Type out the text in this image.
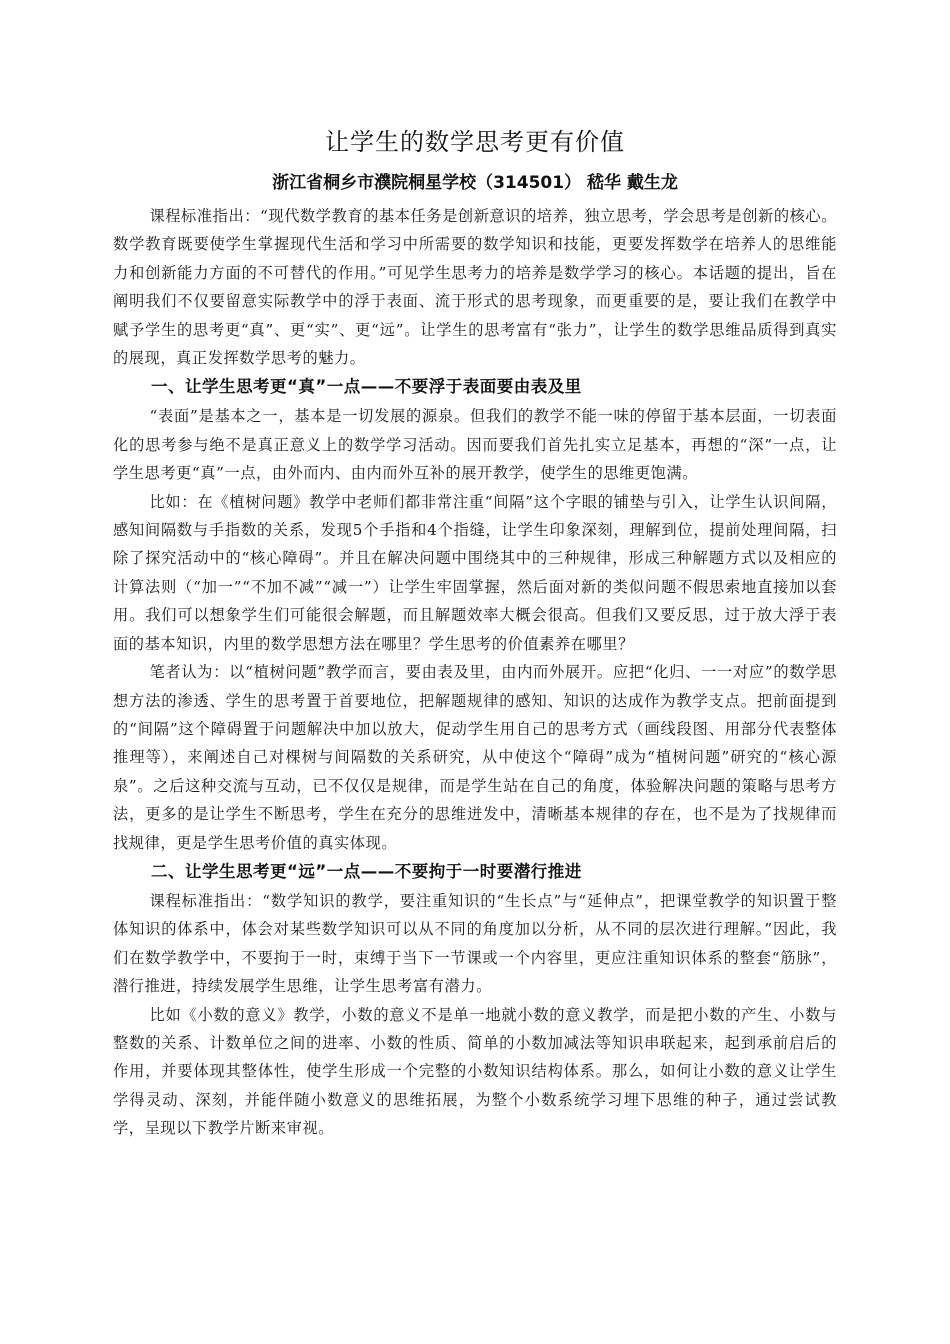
让学生的数学思考更有价值
浙江省桐乡市濮院桐星学校（314501） 嵇华 戴生龙

课程标准指出：“现代数学教育的基本任务是创新意识的培养，独立思考，学会思考是创新的核心。数学教育既要使学生掌握现代生活和学习中所需要的数学知识和技能，更要发挥数学在培养人的思维能力和创新能力方面的不可替代的作用。”可见学生思考力的培养是数学学习的核心。本话题的提出，旨在阐明我们不仅要留意实际教学中的浮于表面、流于形式的思考现象，而更重要的是，要让我们在教学中赋予学生的思考更“真”、更“实”、更“远”。让学生的思考富有“张力”，让学生的数学思维品质得到真实的展现，真正发挥数学思考的魅力。

一、让学生思考更“真”一点——不要浮于表面要由表及里

“表面”是基本之一，基本是一切发展的源泉。但我们的教学不能一味的停留于基本层面，一切表面化的思考参与绝不是真正意义上的数学学习活动。因而要我们首先扎实立足基本，再想的“深”一点，让学生思考更“真”一点，由外而内、由内而外互补的展开教学，使学生的思维更饱满。

比如：在《植树问题》教学中老师们都非常注重“间隔”这个字眼的铺垫与引入，让学生认识间隔，感知间隔数与手指数的关系，发现5个手指和4个指缝，让学生印象深刻，理解到位，提前处理间隔，扫除了探究活动中的“核心障碍”。并且在解决问题中围绕其中的三种规律，形成三种解题方式以及相应的计算法则（“加一”“不加不减”“减一”）让学生牢固掌握，然后面对新的类似问题不假思索地直接加以套用。我们可以想象学生们可能很会解题，而且解题效率大概会很高。但我们又要反思，过于放大浮于表面的基本知识，内里的数学思想方法在哪里？学生思考的价值素养在哪里？

笔者认为：以“植树问题”教学而言，要由表及里，由内而外展开。应把“化归、一一对应”的数学思想方法的渗透、学生的思考置于首要地位，把解题规律的感知、知识的达成作为教学支点。把前面提到的“间隔”这个障碍置于问题解决中加以放大，促动学生用自己的思考方式（画线段图、用部分代表整体推理等），来阐述自己对棵树与间隔数的关系研究，从中使这个“障碍”成为“植树问题”研究的“核心源泉”。之后这种交流与互动，已不仅仅是规律，而是学生站在自己的角度，体验解决问题的策略与思考方法，更多的是让学生不断思考，学生在充分的思维迸发中，清晰基本规律的存在，也不是为了找规律而找规律，更是学生思考价值的真实体现。

二、让学生思考更“远”一点——不要拘于一时要潜行推进

课程标准指出：“数学知识的教学，要注重知识的“生长点”与“延伸点”，把课堂教学的知识置于整体知识的体系中，体会对某些数学知识可以从不同的角度加以分析，从不同的层次进行理解。”因此，我们在数学教学中，不要拘于一时，束缚于当下一节课或一个内容里，更应注重知识体系的整套“筋脉”，潜行推进，持续发展学生思维，让学生思考富有潜力。

比如《小数的意义》教学，小数的意义不是单一地就小数的意义教学，而是把小数的产生、小数与整数的关系、计数单位之间的进率、小数的性质、简单的小数加减法等知识串联起来，起到承前启后的作用，并要体现其整体性，使学生形成一个完整的小数知识结构体系。那么，如何让小数的意义让学生学得灵动、深刻，并能伴随小数意义的思维拓展，为整个小数系统学习埋下思维的种子，通过尝试教学，呈现以下教学片断来审视。
